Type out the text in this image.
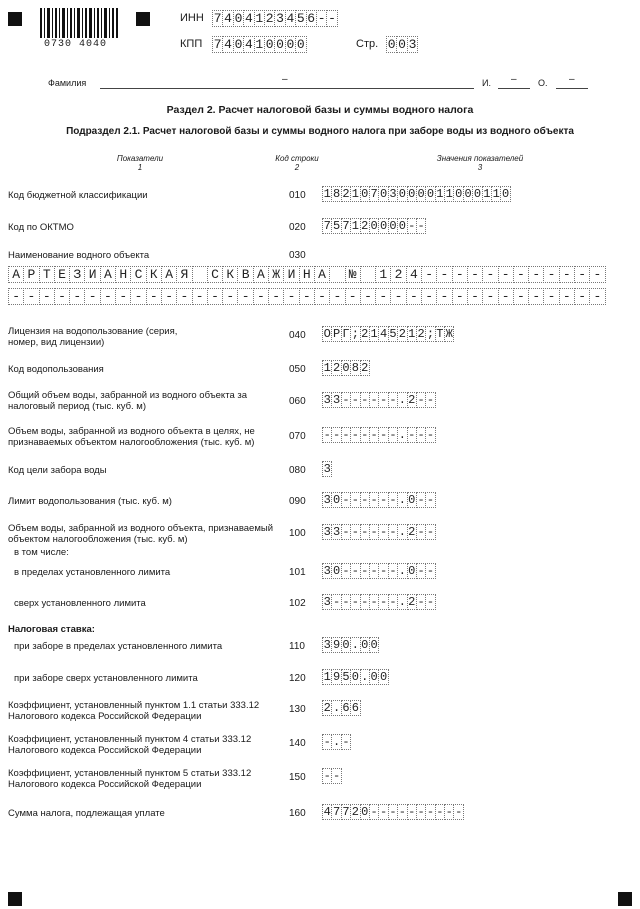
0730 4040
ИНН 7 4 0 4 1 2 3 4 5 6 - -
КПП 7 4 0 4 1 0 0 0 0	Стр. 0 0 3
Фамилия	–	И. – О. –
Раздел 2. Расчет налоговой базы и суммы водного налога
Подраздел 2.1. Расчет налоговой базы и суммы водного налога при заборе воды из водного объекта
Показатели
1
Код строки
2
Значения показателей
3
Код бюджетной классификации	010 1 8 2 1 0 7 0 3 0 0 0 0 1 1 0 0 0 1 1 0
Код по ОКТМО	020 7 5 7 1 2 0 0 0 0 - -
Наименование водного объекта	030
А Р Т Е З И А Н С К А Я	С К В А Ж И Н А	№	1 2 4 - - - - - - - - - - - -
- - - - - - - - - - - - - - - - - - - - - - - - - - - - - - - - - - - - - - -
Лицензия на водопользование (серия, номер, вид лицензии)
040 О Р Г ; 2 1 4 5 2 1 2 ; Т Ж
Код водопользования	050 1 2 0 8 2
Общий объем воды, забранной из водного объекта за налоговый период (тыс. куб. м)	060 3 3 - - - - - - . 2 - -
Объем воды, забранной из водного объекта в целях, не признаваемых объектом налогообложения (тыс. куб. м)
070 - - - - - - - - . - - -
Код цели забора воды	080 3
Лимит водопользования (тыс. куб. м)	090 3 0 - - - - - - . 0 - -
Объем воды, забранной из водного объекта, признаваемый объектом налогообложения (тыс. куб. м)
100 3 3 - - - - - - . 2 - -
в том числе:
в пределах установленного лимита	101 3 0 - - - - - - . 0 - -
сверх установленного лимита	102 3 - - - - - - - . 2 - -
Налоговая ставка:
при заборе в пределах установленного лимита	110 3 9 0 . 0 0
при заборе сверх установленного лимита	120 1 9 5 0 . 0 0
Коэффициент, установленный пунктом 1.1 статьи 333.12 Налогового кодекса Российской Федерации
130 2 . 6 6
Коэффициент, установленный пунктом 4 статьи 333.12 Налогового кодекса Российской Федерации
140 - . -
Коэффициент, установленный пунктом 5 статьи 333.12 Налогового кодекса Российской Федерации
150 - -
Сумма налога, подлежащая уплате	160 4 7 7 2 0 - - - - - - - - - -
